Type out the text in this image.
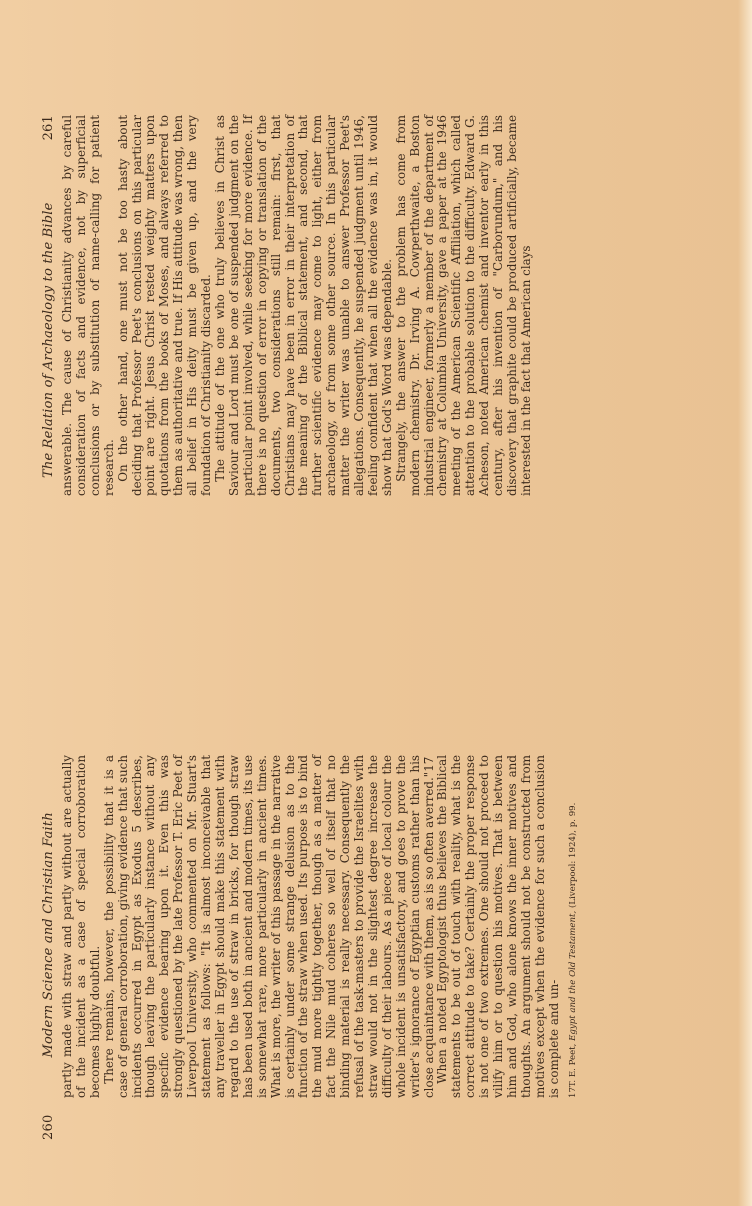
260
Modern Science and Christian Faith partly made with straw and partly without are actually of the incident as a case of special corroboration becomes highly doubtful. There remains, however, the possibility that it is a case of general corroboration, giving evidence that such incidents occurred in Egypt as Exodus 5 describes, though leaving the particularly instance without any specific evidence bearing upon it. Even this was strongly questioned by the late Professor T. Eric Peet of Liverpool University, who commented on Mr. Stuart's statement as follows: "It is almost inconceivable that any traveller in Egypt should make this statement with regard to the use of straw in bricks, for though straw has been used both in ancient and modern times, its use is somewhat rare, more particularly in ancient times. What is more, the writer of this passage in the narrative is certainly under some strange delusion as to the function of the straw when used. Its purpose is to bind the mud more tightly together, though as a matter of fact the Nile mud coheres so well of itself that no binding material is really necessary. Consequently the refusal of the task-masters to provide the Israelites with straw would not in the slightest degree increase the difficulty of their labours. As a piece of local colour the whole incident is unsatisfactory, and goes to prove the writer's ignorance of Egyptian customs rather than his close acquaintance with them, as is so often averred."17 When a noted Egyptologist thus believes the Biblical statements to be out of touch with reality, what is the correct attitude to take? Certainly the proper response is not one of two extremes. One should not proceed to vilify him or to question his motives. That is between him and God, who alone knows the inner motives and thoughts. An argument should not be constructed from motives except when the evidence for such a conclusion is complete and un- 17T. E. Peet, Egypt and the Old Testament, (Liverpool: 1924), p. 99.
The Relation of Archaeology to the Bible
261 answerable. The cause of Christianity advances by careful consideration of facts and evidence, not by superficial conclusions or by substitution of name-calling for patient research. On the other hand, one must not be too hasty about deciding that Professor Peet's conclusions on this particular point are right. Jesus Christ rested weighty matters upon quotations from the books of Moses, and always referred to them as authoritative and true. If His attitude was wrong, then all belief in His deity must be given up, and the very foundation of Christianity discarded. The attitude of the one who truly believes in Christ as Saviour and Lord must be one of suspended judgment on the particular point involved, while seeking for more evidence. If there is no question of error in copying or translation of the documents, two considerations still remain: first, that Christians may have been in error in their interpretation of the meaning of the Biblical statement, and second, that further scientific evidence may come to light, either from archaeology, or from some other source. In this particular matter the writer was unable to answer Professor Peet's allegations. Consequently, he suspended judgment until 1946, feeling confident that when all the evidence was in, it would show that God's Word was dependable. Strangely, the answer to the problem has come from modern chemistry. Dr. Irving A. Cowperthwaite, a Boston industrial engineer, formerly a member of the department of chemistry at Columbia University, gave a paper at the 1946 meeting of the American Scientific Affiliation, which called attention to the probable solution to the difficulty. Edward G. Acheson, noted American chemist and inventor early in this century, after his invention of "Carborundum," and his discovery that graphite could be produced artificially, became interested in the fact that American clays
